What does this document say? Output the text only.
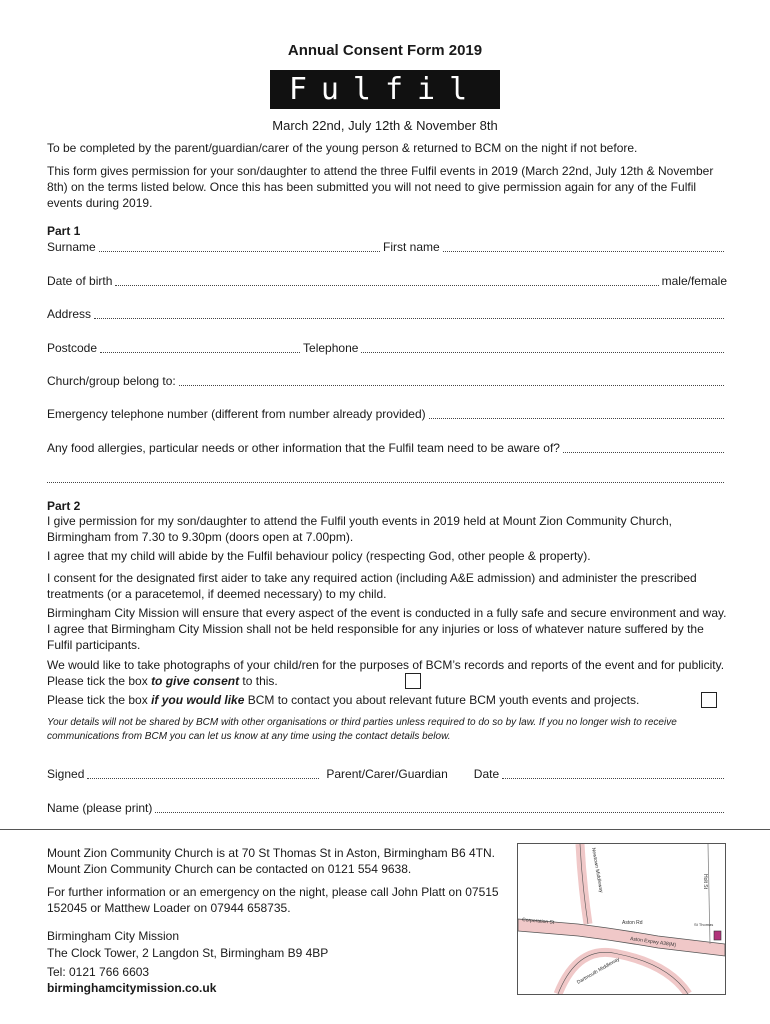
Annual Consent Form 2019
Fulfil
March 22nd, July 12th & November 8th
To be completed by the parent/guardian/carer of the young person & returned to BCM on the night if not before.
This form gives permission for your son/daughter to attend the three Fulfil events in 2019 (March 22nd, July 12th & November 8th) on the terms listed below. Once this has been submitted you will not need to give permission again for any of the Fulfil events during 2019.
Part 1
Surname	First name
Date of birth	male/female
Address
Postcode	Telephone
Church/group belong to:
Emergency telephone number (different from number already provided)
Any food allergies, particular needs or other information that the Fulfil team need to be aware of?
Part 2
I give permission for my son/daughter to attend the Fulfil youth events in 2019 held at Mount Zion Community Church, Birmingham from 7.30 to 9.30pm (doors open at 7.00pm).
I agree that my child will abide by the Fulfil behaviour policy (respecting God, other people & property).
I consent for the designated first aider to take any required action (including A&E admission) and administer the prescribed treatments (or a paracetemol, if deemed necessary) to my child.
Birmingham City Mission will ensure that every aspect of the event is conducted in a fully safe and secure environment and way. I agree that Birmingham City Mission shall not be held responsible for any injuries or loss of whatever nature suffered by the Fulfil participants.
We would like to take photographs of your child/ren for the purposes of BCM’s records and reports of the event and for publicity. Please tick the box to give consent to this.
Please tick the box if you would like BCM to contact you about relevant future BCM youth events and projects.
Your details will not be shared by BCM with other organisations or third parties unless required to do so by law. If you no longer wish to receive communications from BCM you can let us know at any time using the contact details below.
Signed	Parent/Carer/Guardian Date
Name (please print)
Mount Zion Community Church is at 70 St Thomas St in Aston, Birmingham B6 4TN. Mount Zion Community Church can be contacted on 0121 554 9638.
For further information or an emergency on the night, please call John Platt on 07515 152045 or Matthew Loader on 07944 658735.
Birmingham City Mission
The Clock Tower, 2 Langdon St, Birmingham B9 4BP
Tel: 0121 766 6603
birminghamcitymission.co.uk
Newtown Middleway
Corporation St	Aston Rd
Aston Expwy A38(M)
Dartmouth Middleway
St Thomas
Holt St
